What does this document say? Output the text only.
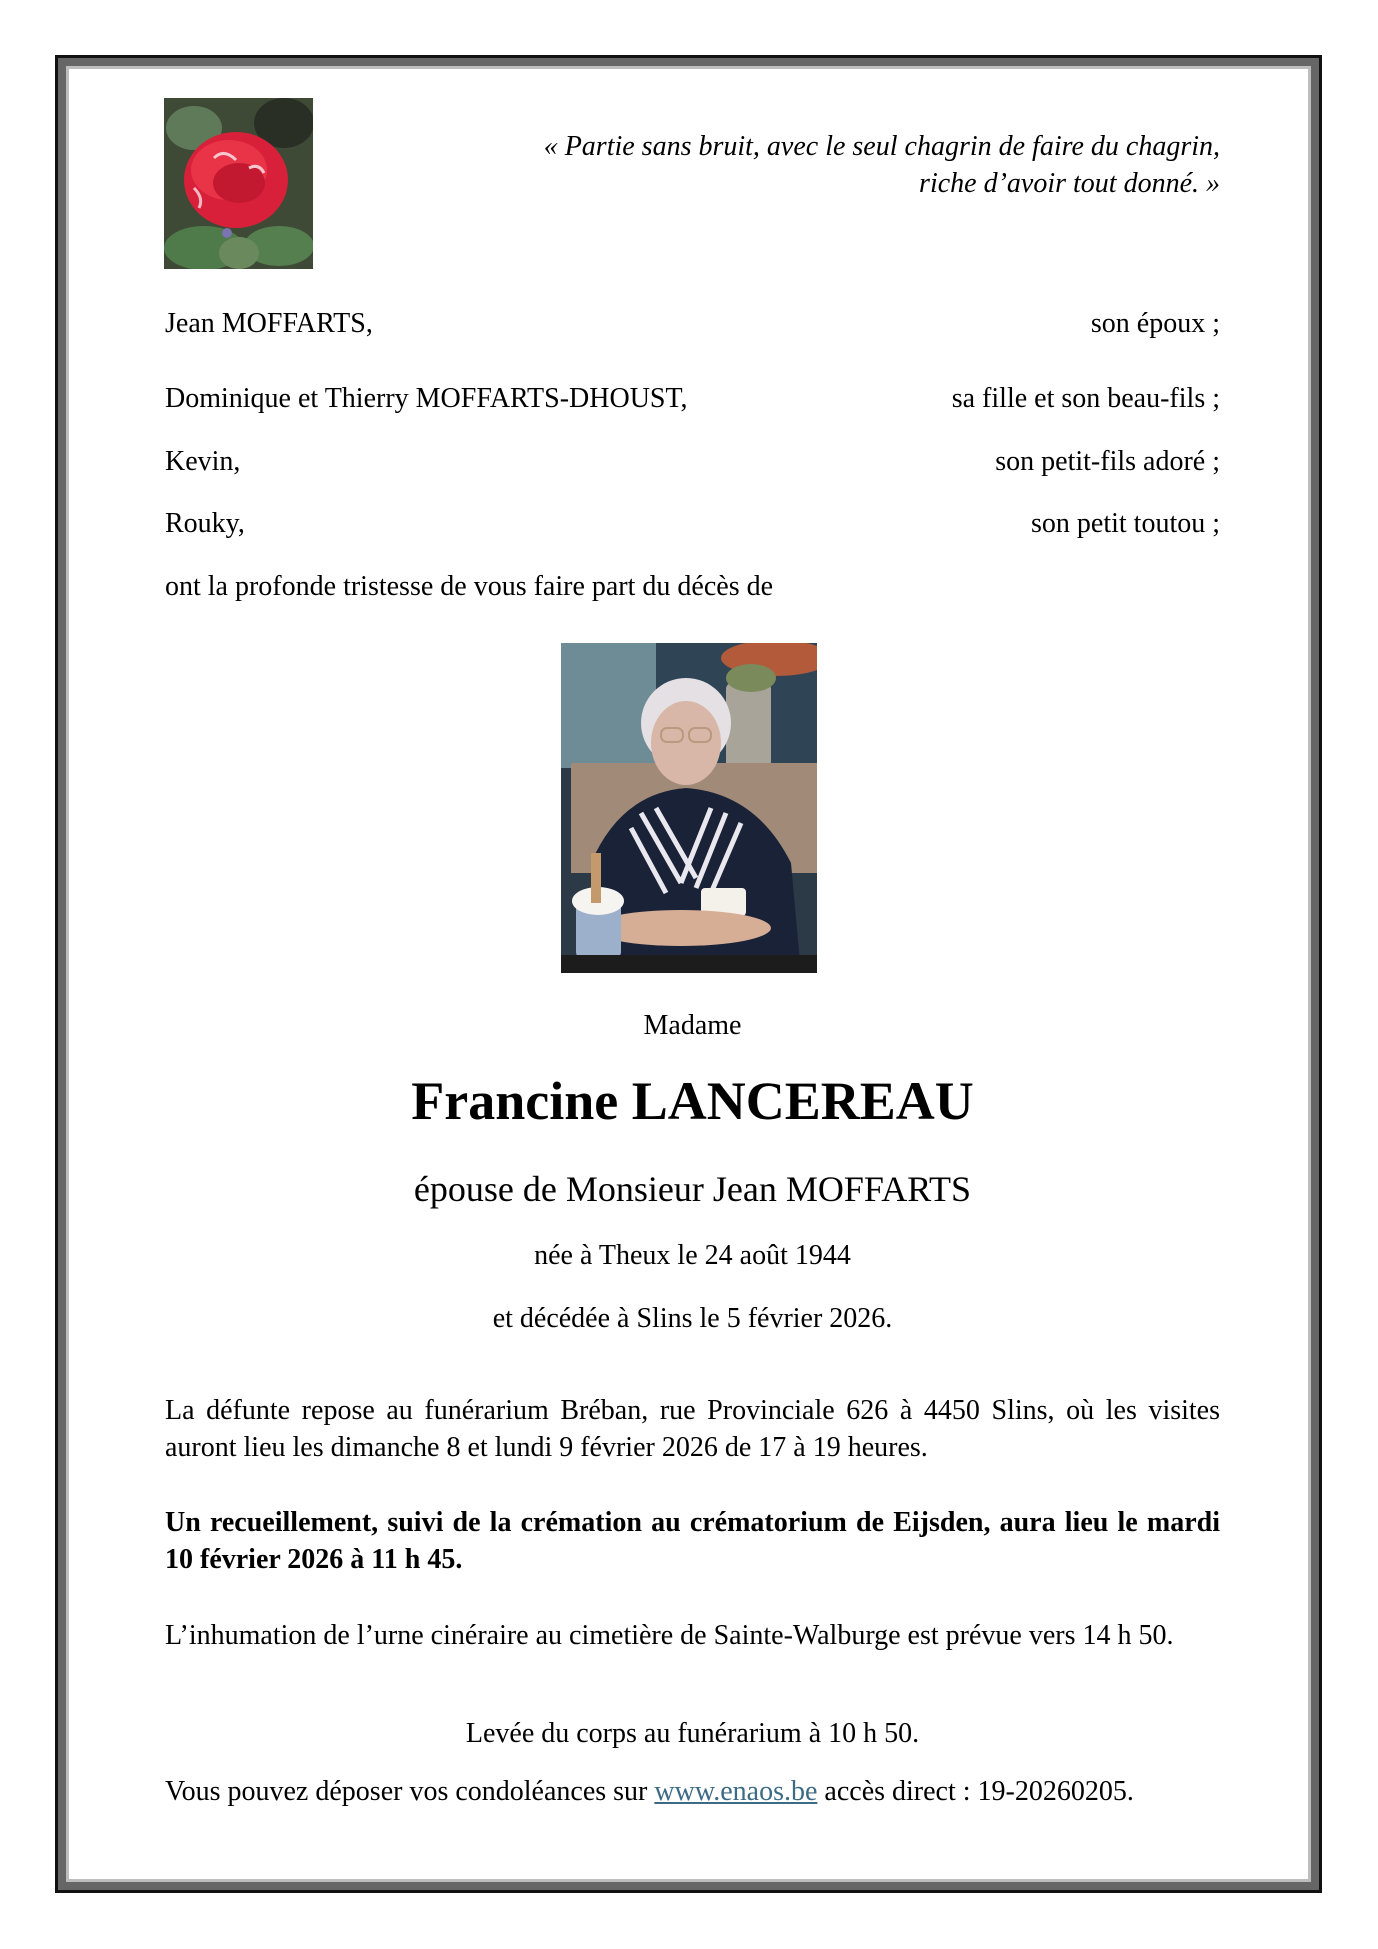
« Partie sans bruit, avec le seul chagrin de faire du chagrin,
riche d’avoir tout donné. »
Jean MOFFARTS,	son époux ;
Dominique et Thierry MOFFARTS-DHOUST,	sa fille et son beau-fils ;
Kevin,	son petit-fils adoré ;
Rouky,	son petit toutou ;
ont la profonde tristesse de vous faire part du décès de
Madame
Francine LANCEREAU
épouse de Monsieur Jean MOFFARTS
née à Theux le 24 août 1944
et décédée à Slins le 5 février 2026.
La défunte repose au funérarium Bréban, rue Provinciale 626 à 4450 Slins, où les visites auront lieu les dimanche 8 et lundi 9 février 2026 de 17 à 19 heures.
Un recueillement, suivi de la crémation au crématorium de Eijsden, aura lieu le mardi 10 février 2026 à 11 h 45.
L’inhumation de l’urne cinéraire au cimetière de Sainte-Walburge est prévue vers 14 h 50.
Levée du corps au funérarium à 10 h 50.
Vous pouvez déposer vos condoléances sur www.enaos.be accès direct : 19-20260205.
